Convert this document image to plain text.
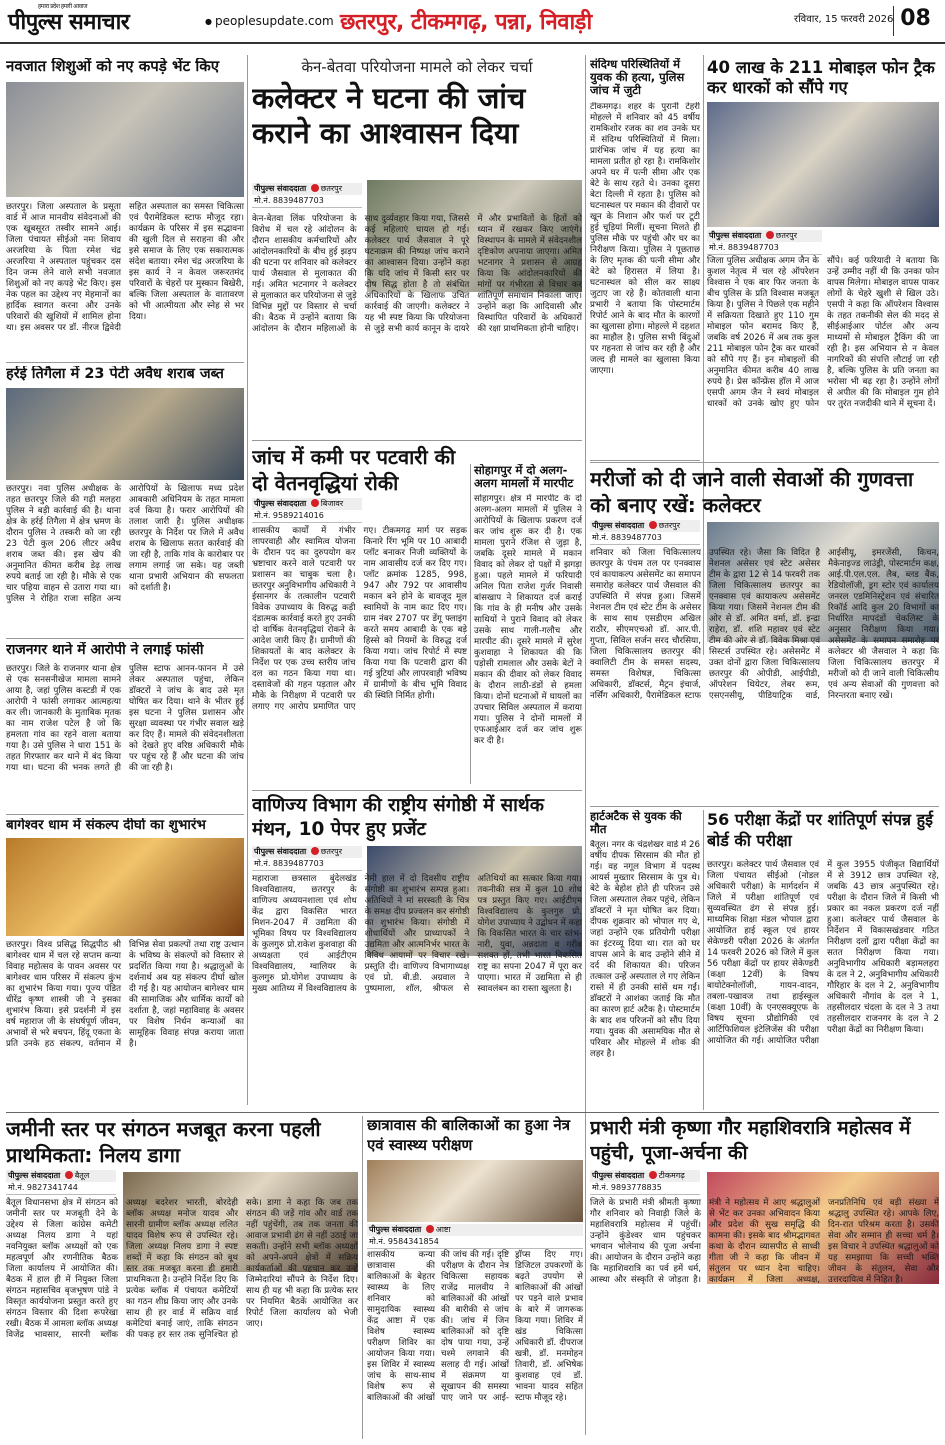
हमारा प्रदेश हमारी आवाज
पीपुल्स समाचार
●	peoplesupdate.com छतरपुर, टीकमगढ़, पन्ना, निवाड़ी	रविवार, 15 फरवरी 2026 08
नवजात शिशुओं को नए कपड़े भेंट किए
छतरपुर। जिला अस्पताल के प्रसूता वार्ड में आज मानवीय संवेदनाओं की एक खूबसूरत तस्वीर सामने आई। जिला पंचायत सीईओ नमः शिवाय अरजरिया के पिता रमेश चंद्र अरजरिया ने अस्पताल पहुंचकर दस दिन जन्म लेने वाले सभी नवजात शिशुओं को नए कपड़े भेंट किए। इस नेक पहल का उद्देश्य नए मेहमानों का हार्दिक स्वागत करना और उनके परिवारों की खुशियों में शामिल होना था। इस अवसर पर डॉ. नीरज द्विवेदी सहित अस्पताल का समस्त चिकित्सा एवं पैरामेडिकल स्टाफ मौजूद रहा। कार्यक्रम के परिसर में इस सद्भावना की खुली दिल से सराहना की और इसे समाज के लिए एक सकारात्मक संदेश बताया। रमेश चंद्र अरजरिया के इस कार्य ने न केवल जरूरतमंद परिवारों के चेहरों पर मुस्कान बिखेरी, बल्कि जिला अस्पताल के वातावरण को भी आत्मीयता और स्नेह से भर दिया।
हर्रई तिगैला में 23 पेटी अवैध शराब जब्त
छतरपुर। नवा पुलिस अधीक्षक के तहत छतरपुर जिले की गढ़ी मलहरा पुलिस ने बड़ी कार्रवाई की है। थाना क्षेत्र के हर्रई तिगैला में क्षेत्र भ्रमण के दौरान पुलिस ने तस्करी को जा रही 23 पेटी कुल 206 लीटर अवैध शराब जब्त की। इस खेप की अनुमानित कीमत करीब डेढ़ लाख रुपये बताई जा रही है। मौके से एक चार पहिया वाहन से उतारा गया था। पुलिस ने रोहित राजा सहित अन्य आरोपियों के खिलाफ मध्य प्रदेश आबकारी अधिनियम के तहत मामला दर्ज किया है। फरार आरोपियों की तलाश जारी है। पुलिस अधीक्षक छतरपुर के निर्देश पर जिले में अवैध शराब के खिलाफ सतत कार्रवाई की जा रही है, ताकि गांव के कारोबार पर लगाम लगाई जा सके। यह जब्ती थाना प्रभारी अभियान की सफलता को दर्शाती है।
राजनगर थाने में आरोपी ने लगाई फांसी
छतरपुर। जिले के राजनगर थाना क्षेत्र से एक सनसनीखेज मामला सामने आया है, जहां पुलिस कस्टडी में एक आरोपी ने फांसी लगाकर आत्महत्या कर ली। जानकारी के मुताबिक मृतक का नाम राजेश पटेल है जो कि हमलता गांव का रहने वाला बताया गया है। उसे पुलिस ने धारा 151 के तहत गिरफ्तार कर थाने में बंद किया गया था। घटना की भनक लगते ही पुलिस स्टाफ आनन-फानन में उसे लेकर अस्पताल पहुंचा, लेकिन डॉक्टरों ने जांच के बाद उसे मृत घोषित कर दिया। थाने के भीतर हुई इस घटना ने पुलिस प्रशासन और सुरक्षा व्यवस्था पर गंभीर सवाल खड़े कर दिए हैं। मामले की संवेदनशीलता को देखते हुए वरिष्ठ अधिकारी मौके पर पहुंच रहे हैं और घटना की जांच की जा रही है।
बागेश्वर धाम में संकल्प दीर्घा का शुभारंभ
छतरपुर। विश्व प्रसिद्ध सिद्धपीठ श्री बागेश्वर धाम में चल रहे सप्तम कन्या विवाह महोत्सव के पावन अवसर पर बागेश्वर धाम परिसर में संकल्प कुंभ का शुभारंभ किया गया। पूज्य पंडित धीरेंद्र कृष्ण शास्त्री जी ने इसका शुभारंभ किया। इसे प्रदर्शनी में इस वर्ष महाराज जी के संघर्षपूर्ण जीवन, अभावों से भरे बचपन, हिंदू एकता के प्रति उनके हठ संकल्प, वर्तमान में विभिन्न सेवा प्रकल्पों तथा राष्ट्र उत्थान के भविष्य के संकल्पों को विस्तार से प्रदर्शित किया गया है। श्रद्धालुओं के दर्शनार्थ अब यह संकल्प दीर्घा खोल दी गई है। यह आयोजन बागेश्वर धाम की सामाजिक और धार्मिक कार्यों को दर्शाता है, जहां महाविवाह के अवसर पर विशेष निर्धन कन्याओं का सामूहिक विवाह संपन्न कराया जाता है।
केन-बेतवा परियोजना मामले को लेकर चर्चा
कलेक्टर ने घटना की जांच कराने का आश्वासन दिया
पीपुल्स संवाददाता छतरपुर
मो.नं. 8839487703
केन-बेतवा लिंक परियोजना के विरोध में चल रहे आंदोलन के दौरान शासकीय कर्मचारियों और आंदोलनकारियों के बीच हुई झड़प की घटना पर शनिवार को कलेक्टर पार्थ जैसवाल से मुलाकात की गई। अमित भटनागर ने कलेक्टर से मुलाकात कर परियोजना से जुड़े विभिन्न मुद्दों पर विस्तार से चर्चा की। बैठक में उन्होंने बताया कि आंदोलन के दौरान महिलाओं के साथ दुर्व्यवहार किया गया, जिससे कई महिलाएं घायल हो गई। कलेक्टर पार्थ जैसवाल ने पूरे घटनाक्रम की निष्पक्ष जांच कराने का आश्वासन दिया। उन्होंने कहा कि यदि जांच में किसी स्तर पर दोष सिद्ध होता है तो संबंधित अधिकारियों के खिलाफ उचित कार्रवाई की जाएगी। कलेक्टर ने यह भी स्पष्ट किया कि परियोजना से जुड़े सभी कार्य कानून के दायरे में और प्रभावितों के हितों को ध्यान में रखकर किए जाएंगे। विस्थापन के मामले में संवेदनशील दृष्टिकोण अपनाया जाएगा। अमित भटनागर ने प्रशासन से आग्रह किया कि आंदोलनकारियों की मांगों पर गंभीरता से विचार कर शांतिपूर्ण समाधान निकाला जाए। उन्होंने कहा कि आदिवासी और विस्थापित परिवारों के अधिकारों की रक्षा प्राथमिकता होनी चाहिए।
संदिग्ध परिस्थितियों में युवक की हत्या, पुलिस जांच में जुटी
टीकमगढ़। शहर के पुरानी टेहरी मोहल्ले में शनिवार को 45 वर्षीय रामकिशोर रजक का शव उनके घर में संदिग्ध परिस्थितियों में मिला। प्रारंभिक जांच में यह हत्या का मामला प्रतीत हो रहा है। रामकिशोर अपने घर में पत्नी सीमा और एक बेटे के साथ रहते थे। उनका दूसरा बेटा दिल्ली में रहता है। पुलिस को घटनास्थल पर मकान की दीवारों पर खून के निशान और फर्श पर टूटी हुई चूड़ियां मिलीं। सूचना मिलते ही पुलिस मौके पर पहुंची और घर का निरीक्षण किया। पुलिस ने पूछताछ के लिए मृतक की पत्नी सीमा और बेटे को हिरासत में लिया है। घटनास्थल को सील कर साक्ष्य जुटाए जा रहे हैं। कोतवाली थाना प्रभारी ने बताया कि पोस्टमार्टम रिपोर्ट आने के बाद मौत के कारणों का खुलासा होगा। मोहल्ले में दहशत का माहौल है। पुलिस सभी बिंदुओं पर गहनता से जांच कर रही है और जल्द ही मामले का खुलासा किया जाएगा।
40 लाख के 211 मोबाइल फोन ट्रैक कर धारकों को सौंपे गए
पीपुल्स संवाददाता छतरपुर
मो.नं. 8839487703
जिला पुलिस अधीक्षक अगम जैन के कुशल नेतृत्व में चल रहे ऑपरेशन विश्वास ने एक बार फिर जनता के बीच पुलिस के प्रति विश्वास मजबूत किया है। पुलिस ने पिछले एक महीने में सक्रियता दिखाते हुए 110 गुम मोबाइल फोन बरामद किए हैं, जबकि वर्ष 2026 में अब तक कुल 211 मोबाइल फोन ट्रैक कर धारकों को सौंपे गए हैं। इन मोबाइलों की अनुमानित कीमत करीब 40 लाख रुपये है। प्रेस कॉन्फ्रेंस हॉल में आज एसपी अगम जैन ने स्वयं मोबाइल धारकों को उनके खोए हुए फोन सौंपे। कई फरियादी ने बताया कि उन्हें उम्मीद नहीं थी कि उनका फोन वापस मिलेगा। मोबाइल वापस पाकर लोगों के चेहरे खुशी से खिल उठे। एसपी ने कहा कि ऑपरेशन विश्वास के तहत तकनीकी सेल की मदद से सीईआईआर पोर्टल और अन्य माध्यमों से मोबाइल ट्रैकिंग की जा रही है। इस अभियान से न केवल नागरिकों की संपत्ति लौटाई जा रही है, बल्कि पुलिस के प्रति जनता का भरोसा भी बढ़ रहा है। उन्होंने लोगों से अपील की कि मोबाइल गुम होने पर तुरंत नजदीकी थाने में सूचना दें।
जांच में कमी पर पटवारी की दो वेतनवृद्धियां रोकी
पीपुल्स संवाददाता बिजावर
मो.नं. 9589214016
शासकीय कार्यों में गंभीर लापरवाही और स्वामित्व योजना के दौरान पद का दुरुपयोग कर भ्रष्टाचार करने वाले पटवारी पर प्रशासन का चाबुक चला है। छतरपुर अनुविभागीय अधिकारी ने ईसानगर के तत्कालीन पटवारी विवेक उपाध्याय के विरुद्ध कड़ी दंडात्मक कार्रवाई करते हुए उनकी दो वार्षिक वेतनवृद्धियां रोकने के आदेश जारी किए हैं। ग्रामीणों की शिकायतों के बाद कलेक्टर के निर्देश पर एक उच्च स्तरीय जांच दल का गठन किया गया था। दस्तावेजों की गहन पड़ताल और मौके के निरीक्षण में पटवारी पर लगाए गए आरोप प्रमाणित पाए गए। टीकमगढ़ मार्ग पर सड़क किनारे रिंग भूमि पर 10 आबादी प्लॉट बनाकर निजी व्यक्तियों के नाम आवासीय दर्ज कर दिए गए। प्लॉट क्रमांक 1285, 998, 947 और 792 पर आवासीय मकान बने होने के बावजूद मूल स्वामियों के नाम काट दिए गए। ग्राम नंबर 2707 पर डेंगू फ्लाइंग करते समय आबादी के एक बड़े हिस्से को नियमों के विरुद्ध दर्ज किया गया। जांच रिपोर्ट में स्पष्ट किया गया कि पटवारी द्वारा की गई त्रुटियां और लापरवाही भविष्य में ग्रामीणों के बीच भूमि विवाद की स्थिति निर्मित होगी।
सोहागपुर में दो अलग-अलग मामलों में मारपीट
सोहागपुर। क्षेत्र में मारपीट के दो अलग-अलग मामलों में पुलिस ने आरोपियों के खिलाफ प्रकरण दर्ज कर जांच शुरू कर दी है। एक मामला पुराने रंजिश से जुड़ा है, जबकि दूसरे मामले में मकान विवाद को लेकर दो पक्षों में झगड़ा हुआ। पहले मामले में फरियादी अनिल पिता राजेश गुर्जर निवासी बांसखाप ने शिकायत दर्ज कराई कि गांव के ही मनीष और उसके साथियों ने पुराने विवाद को लेकर उसके साथ गाली-गलौच और मारपीट की। दूसरे मामले में सुरेश कुशवाहा ने शिकायत की कि पड़ोसी रामलाल और उसके बेटों ने मकान की दीवार को लेकर विवाद के दौरान लाठी-डंडों से हमला किया। दोनों घटनाओं में घायलों का उपचार सिविल अस्पताल में कराया गया। पुलिस ने दोनों मामलों में एफआईआर दर्ज कर जांच शुरू कर दी है।
मरीजों को दी जाने वाली सेवाओं की गुणवत्ता को बनाए रखें: कलेक्टर
पीपुल्स संवाददाता छतरपुर
मो.नं. 8839487703
शनिवार को जिला चिकित्सालय छतरपुर के पंचम तल पर एनक्वास एवं कायाकल्प असेसमेंट का समापन समारोह कलेक्टर पार्थ जैसवाल की उपस्थिति में संपन्न हुआ। जिसमें नेशनल टीम एवं स्टेट टीम के असेसर के साथ साथ एसडीएम अखिल राठौर, सीएमएचओ डॉ. आर.पी. गुप्ता, सिविल सर्जन सरद चौरसिया, जिला चिकित्सालय छतरपुर की क्वालिटी टीम के समस्त सदस्य, समस्त विशेषज्ञ, चिकित्सा अधिकारी, डॉक्टर्स, मैट्रन इंचार्ज, नर्सिंग अधिकारी, पैरामेडिकल स्टाफ उपस्थित रहे। जैसा कि विदित है नेशनल असेसर एवं स्टेट असेसर टीम के द्वारा 12 से 14 फरवरी तक जिला चिकित्सालय छतरपुर का एनक्वास एवं कायाकल्प असेसमेंट किया गया। जिसमें नेशनल टीम की ओर से डॉ. अमित वर्मा, डॉ. इन्द्रा राहेरा, डॉ. शशि महावर एवं स्टेट टीम की ओर से डॉ. विवेक मिश्रा एवं सिस्टर्स उपस्थित रहे। असेसमेंट में उक्त दोनों द्वारा जिला चिकित्सालय छतरपुर की ओपीडी, आईपीडी, ऑपरेशन थियेटर, लेबर रूम, एसएनसीयू, पीडियाट्रिक वार्ड, आईसीयू, इमरजेंसी, किचन, मैकेनाइज्ड लाउंड्री, पोस्टमार्टम कक्ष, आई.पी.एल.एल. लैब, ब्लड बैंक, रेडियोलॉजी, ड्रग स्टोर एवं कार्यालय जनरल एडमिनिस्ट्रेशन एवं संचारित रिकॉर्ड आदि कुल 20 विभागों का निर्धारित मापदंडों चेकलिस्ट के अनुसार निरीक्षण किया गया। असेसमेंट के समापन समारोह पर कलेक्टर श्री जैसवाल ने कहा कि जिला चिकित्सालय छतरपुर में मरीजों को दी जाने वाली चिकित्सीय एवं अन्य सेवाओं की गुणवत्ता को निरन्तरता बनाए रखें।
वाणिज्य विभाग की राष्ट्रीय संगोष्ठी में सार्थक मंथन, 10 पेपर हुए प्रजेंट
पीपुल्स संवाददाता छतरपुर
मो.नं. 8839487703
महाराजा छत्रसाल बुंदेलखंड विश्वविद्यालय, छतरपुर के वाणिज्य अध्ययनशाला एवं शोध केंद्र द्वारा विकसित भारत मिशन-2047 में उद्यमिता की भूमिका विषय पर विश्वविद्यालय के कुलगुरु प्रो.राकेश कुशवाहा की अध्यक्षता एवं आईटीएम विश्वविद्यालय, ग्वालियर के कुलगुरु प्रो.योगेश उपाध्याय के मुख्य आतिथ्य में विश्वविद्यालय के नेमी हाल में दो दिवसीय राष्ट्रीय संगोष्ठी का शुभारंभ सम्पन्न हुआ। अतिथियों ने मां सरस्वती के चित्र के समक्ष दीप प्रज्वलन कर संगोष्ठी का शुभारंभ किया। संगोष्ठी में शोधार्थियों और प्राध्यापकों ने उद्यमिता और आत्मनिर्भर भारत के विविध आयामों पर विचार रखे। प्रस्तुति दी। वाणिज्य विभागाध्यक्ष एवं प्रो. बी.डी. अग्रवाल ने पुष्पमाला, शॉल, श्रीफल से अतिथियों का सत्कार किया गया। तकनीकी सत्र में कुल 10 शोध पत्र प्रस्तुत किए गए। आईटीएम विश्वविद्यालय के कुलगुरु प्रो. योगेश उपाध्याय ने उद्बोधन में कहा कि विकसित भारत के चार स्तंभ- नारी, युवा, अन्नदाता व गरीब सशक्त हों, तभी भारत विकसित राष्ट्र का सपना 2047 में पूरा कर पाएगा। भारत में उद्यमिता से ही स्वावलंबन का रास्ता खुलता है।
हार्टअटैक से युवक की मौत
बैतूल। नगर के चंद्रशेखर वार्ड में 26 वर्षीय दीपक सिरसाम की मौत हो गई। वह नगूल विभाग में पदस्थ आयर्स मुख्तार सिरसाम के पुत्र थे। बेटे के बेहोश होते ही परिजन उसे जिला अस्पताल लेकर पहुंचे, लेकिन डॉक्टरों ने मृत घोषित कर दिया। दीपक शुक्रवार को भोपाल गए थे, जहां उन्होंने एक प्रतियोगी परीक्षा का इंटरव्यू दिया था। रात को घर वापस आने के बाद उन्होंने सीने में दर्द की शिकायत की। परिजन तत्काल उन्हें अस्पताल ले गए लेकिन रास्ते में ही उनकी सांसें थम गईं। डॉक्टरों ने आशंका जताई कि मौत का कारण हार्ट अटैक है। पोस्टमार्टम के बाद शव परिजनों को सौंप दिया गया। युवक की असामयिक मौत से परिवार और मोहल्ले में शोक की लहर है।
56 परीक्षा केंद्रों पर शांतिपूर्ण संपन्न हुई बोर्ड की परीक्षा
छतरपुर। कलेक्टर पार्थ जैसवाल एवं जिला पंचायत सीईओ (नोडल अधिकारी परीक्षा) के मार्गदर्शन में जिले में परीक्षा शांतिपूर्ण एवं सुव्यवस्थित ढंग से संपन्न हुई। माध्यमिक शिक्षा मंडल भोपाल द्वारा आयोजित हाई स्कूल एवं हायर सेकेण्डरी परीक्षा 2026 के अंतर्गत 14 फरवरी 2026 को जिले में कुल 56 परीक्षा केंद्रों पर हायर सेकेण्डरी (कक्षा 12वीं) के विषय बायोटेक्नोलॉजी, गायन-वादन, तबला-पखावज तथा हाईस्कूल (कक्षा 10वीं) के एनएसक्यूएफ के विषय सूचना प्रौद्योगिकी एवं आर्टिफिशियल इंटेलिजेंस की परीक्षा आयोजित की गई। आयोजित परीक्षा में कुल 3955 पंजीकृत विद्यार्थियों में से 3912 छात्र उपस्थित रहे, जबकि 43 छात्र अनुपस्थित रहे। परीक्षा के दौरान जिले में किसी भी प्रकार का नकल प्रकरण दर्ज नहीं हुआ। कलेक्टर पार्थ जैसवाल के निर्देशन में विकासखंडवार गठित निरीक्षण दलों द्वारा परीक्षा केंद्रों का सतत निरीक्षण किया गया। अनुविभागीय अधिकारी बड़ामलहरा के दल ने 2, अनुविभागीय अधिकारी गौरिहार के दल ने 2, अनुविभागीय अधिकारी नौगांव के दल ने 1, तहसीलदार चंदला के दल ने 3 तथा तहसीलदार राजनगर के दल ने 2 परीक्षा केंद्रों का निरीक्षण किया।
जमीनी स्तर पर संगठन मजबूत करना पहली प्राथमिकता: निलय डागा
पीपुल्स संवाददाता बैतूल
मो.नं. 9827341744
बैतूल विधानसभा क्षेत्र में संगठन को जमीनी स्तर पर मजबूती देने के उद्देश्य से जिला कांग्रेस कमेटी अध्यक्ष निलय डागा ने यहां नवनियुक्त ब्लॉक अध्यक्षों को एक महत्वपूर्ण और रणनीतिक बैठक जिला कार्यालय में आयोजित की। बैठक में हाल ही में नियुक्त जिला संगठन महासचिव बृजभूषण पांडे ने विस्तृत कार्ययोजना प्रस्तुत करते हुए संगठन विस्तार की दिशा रूपरेखा रखी। बैठक में आमला ब्लॉक अध्यक्ष विजेंद्र भावसार, सारनी ब्लॉक अध्यक्ष बदरेशर भारती, बोरदेही ब्लॉक अध्यक्ष मनोज यादव और सारनी ग्रामीण ब्लॉक अध्यक्ष ललित यादव विशेष रूप से उपस्थित रहे। जिला अध्यक्ष निलय डागा ने स्पष्ट शब्दों में कहा कि संगठन को बूथ स्तर तक मजबूत करना ही हमारी प्राथमिकता है। उन्होंने निर्देश दिए कि प्रत्येक ब्लॉक में पंचायत कमेटियों का गठन शीघ्र किया जाए और उनके साथ ही हर वार्ड में सक्रिय वार्ड कमेटियां बनाई जाएं, ताकि संगठन की पकड़ हर स्तर तक सुनिश्चित हो सके। डागा ने कहा कि जब तक संगठन की जड़ें गांव और वार्ड तक नहीं पहुंचेंगी, तब तक जनता की आवाज प्रभावी ढंग से नहीं उठाई जा सकती। उन्होंने सभी ब्लॉक अध्यक्षों को अपने-अपने क्षेत्रों में सक्रिय कार्यकर्ताओं की पहचान कर उन्हें जिम्मेदारियां सौंपने के निर्देश दिए। साथ ही यह भी कहा कि प्रत्येक स्तर पर नियमित बैठकें आयोजित कर रिपोर्ट जिला कार्यालय को भेजी जाए।
छात्रावास की बालिकाओं का हुआ नेत्र एवं स्वास्थ्य परीक्षण
पीपुल्स संवाददाता आष्टा
मो.नं. 9584341854
शासकीय कन्या छात्रावास की बालिकाओं के बेहतर स्वास्थ्य के लिए शनिवार को सामुदायिक स्वास्थ्य केंद्र आष्टा में एक विशेष स्वास्थ्य परीक्षण शिविर का आयोजन किया गया। इस शिविर में स्वास्थ्य जांच के साथ-साथ विशेष रूप से बालिकाओं की आंखों की जांच की गई। दृष्टि परीक्षण के दौरान नेत्र चिकित्सा सहायक राजेंद्र मालवीय ने बालिकाओं की आंखों की बारीकी से जांच की। जांच में जिन बालिकाओं को दृष्टि दोष पाया गया, उन्हें चश्मे लगवाने की सलाह दी गई। आंखों में संक्रमण या सूखापन की समस्या पाए जाने पर आई-ड्रॉप्स दिए गए। डिजिटल उपकरणों के बढ़ते उपयोग से बालिकाओं की आंखों पर पड़ने वाले प्रभाव के बारे में जागरूक किया गया। शिविर में खंड चिकित्सा अधिकारी डॉ. दीपराज खत्री, डॉ. मनमोहन तिवारी, डॉ. अभिषेक कुशवाह एवं डॉ. भावना यादव सहित स्टाफ मौजूद रहे।
प्रभारी मंत्री कृष्णा गौर महाशिवरात्रि महोत्सव में पहुंची, पूजा-अर्चना की
पीपुल्स संवाददाता टीकमगढ़
मो.नं. 9893778835
जिले के प्रभारी मंत्री श्रीमती कृष्णा गौर शनिवार को निवाड़ी जिले के महाशिवरात्रि महोत्सव में पहुंचीं। उन्होंने कुंडेश्वर धाम पहुंचकर भगवान भोलेनाथ की पूजा अर्चना की। आयोजन के दौरान उन्होंने कहा कि महाशिवरात्रि का पर्व हमें धर्म, आस्था और संस्कृति से जोड़ता है। मंत्री ने महोत्सव में आए श्रद्धालुओं से भेंट कर उनका अभिवादन किया और प्रदेश की सुख समृद्धि की कामना की। इसके बाद श्रीमद्भागवत कथा के दौरान व्यासपीठ से साध्वी गीता जी ने कहा कि जीवन में संतुलन पर ध्यान देना चाहिए। कार्यक्रम में जिला अध्यक्ष, जनप्रतिनिधि एवं बड़ी संख्या में श्रद्धालु उपस्थित रहे। आपके लिए, दिन-रात परिश्रम करता है। उसकी सेवा और सम्मान ही सच्चा धर्म है। इस विचार ने उपस्थित श्रद्धालुओं को यह समझाया कि सच्ची भक्ति जीवन के संतुलन, सेवा और उत्तरदायित्व में निहित है।
